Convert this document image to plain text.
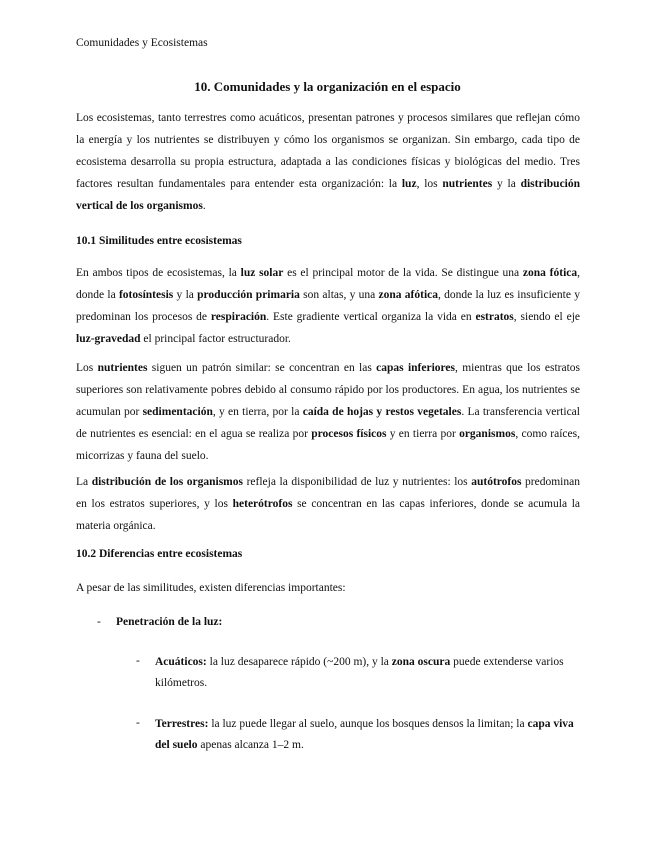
Comunidades y Ecosistemas
10. Comunidades y la organización en el espacio

Los ecosistemas, tanto terrestres como acuáticos, presentan patrones y procesos similares que reflejan cómo la energía y los nutrientes se distribuyen y cómo los organismos se organizan. Sin embargo, cada tipo de ecosistema desarrolla su propia estructura, adaptada a las condiciones físicas y biológicas del medio. Tres factores resultan fundamentales para entender esta organización: la luz, los nutrientes y la distribución vertical de los organismos.

10.1 Similitudes entre ecosistemas

En ambos tipos de ecosistemas, la luz solar es el principal motor de la vida. Se distingue una zona fótica, donde la fotosíntesis y la producción primaria son altas, y una zona afótica, donde la luz es insuficiente y predominan los procesos de respiración. Este gradiente vertical organiza la vida en estratos, siendo el eje luz-gravedad el principal factor estructurador.

Los nutrientes siguen un patrón similar: se concentran en las capas inferiores, mientras que los estratos superiores son relativamente pobres debido al consumo rápido por los productores. En agua, los nutrientes se acumulan por sedimentación, y en tierra, por la caída de hojas y restos vegetales. La transferencia vertical de nutrientes es esencial: en el agua se realiza por procesos físicos y en tierra por organismos, como raíces, micorrizas y fauna del suelo.

La distribución de los organismos refleja la disponibilidad de luz y nutrientes: los autótrofos predominan en los estratos superiores, y los heterótrofos se concentran en las capas inferiores, donde se acumula la materia orgánica.

10.2 Diferencias entre ecosistemas

A pesar de las similitudes, existen diferencias importantes:

- Penetración de la luz:

- Acuáticos: la luz desaparece rápido (~200 m), y la zona oscura puede extenderse varios kilómetros.

- Terrestres: la luz puede llegar al suelo, aunque los bosques densos la limitan; la capa viva del suelo apenas alcanza 1–2 m.
